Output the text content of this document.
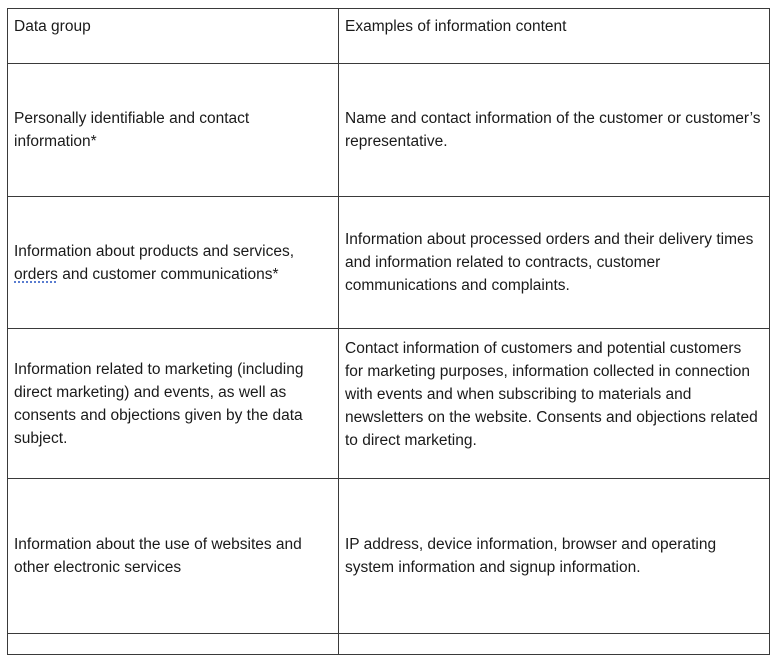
Data group	Examples of information content
Personally identifiable and contact information*	Name and contact information of the customer or customer’s representative.
Information about products and services, orders and customer communications*	Information about processed orders and their delivery times and information related to contracts, customer communications and complaints.
Information related to marketing (including direct marketing) and events, as well as consents and objections given by the data subject.	Contact information of customers and potential customers for marketing purposes, information collected in connection with events and when subscribing to materials and newsletters on the website. Consents and objections related to direct marketing.
Information about the use of websites and other electronic services	IP address, device information, browser and operating system information and signup information.
